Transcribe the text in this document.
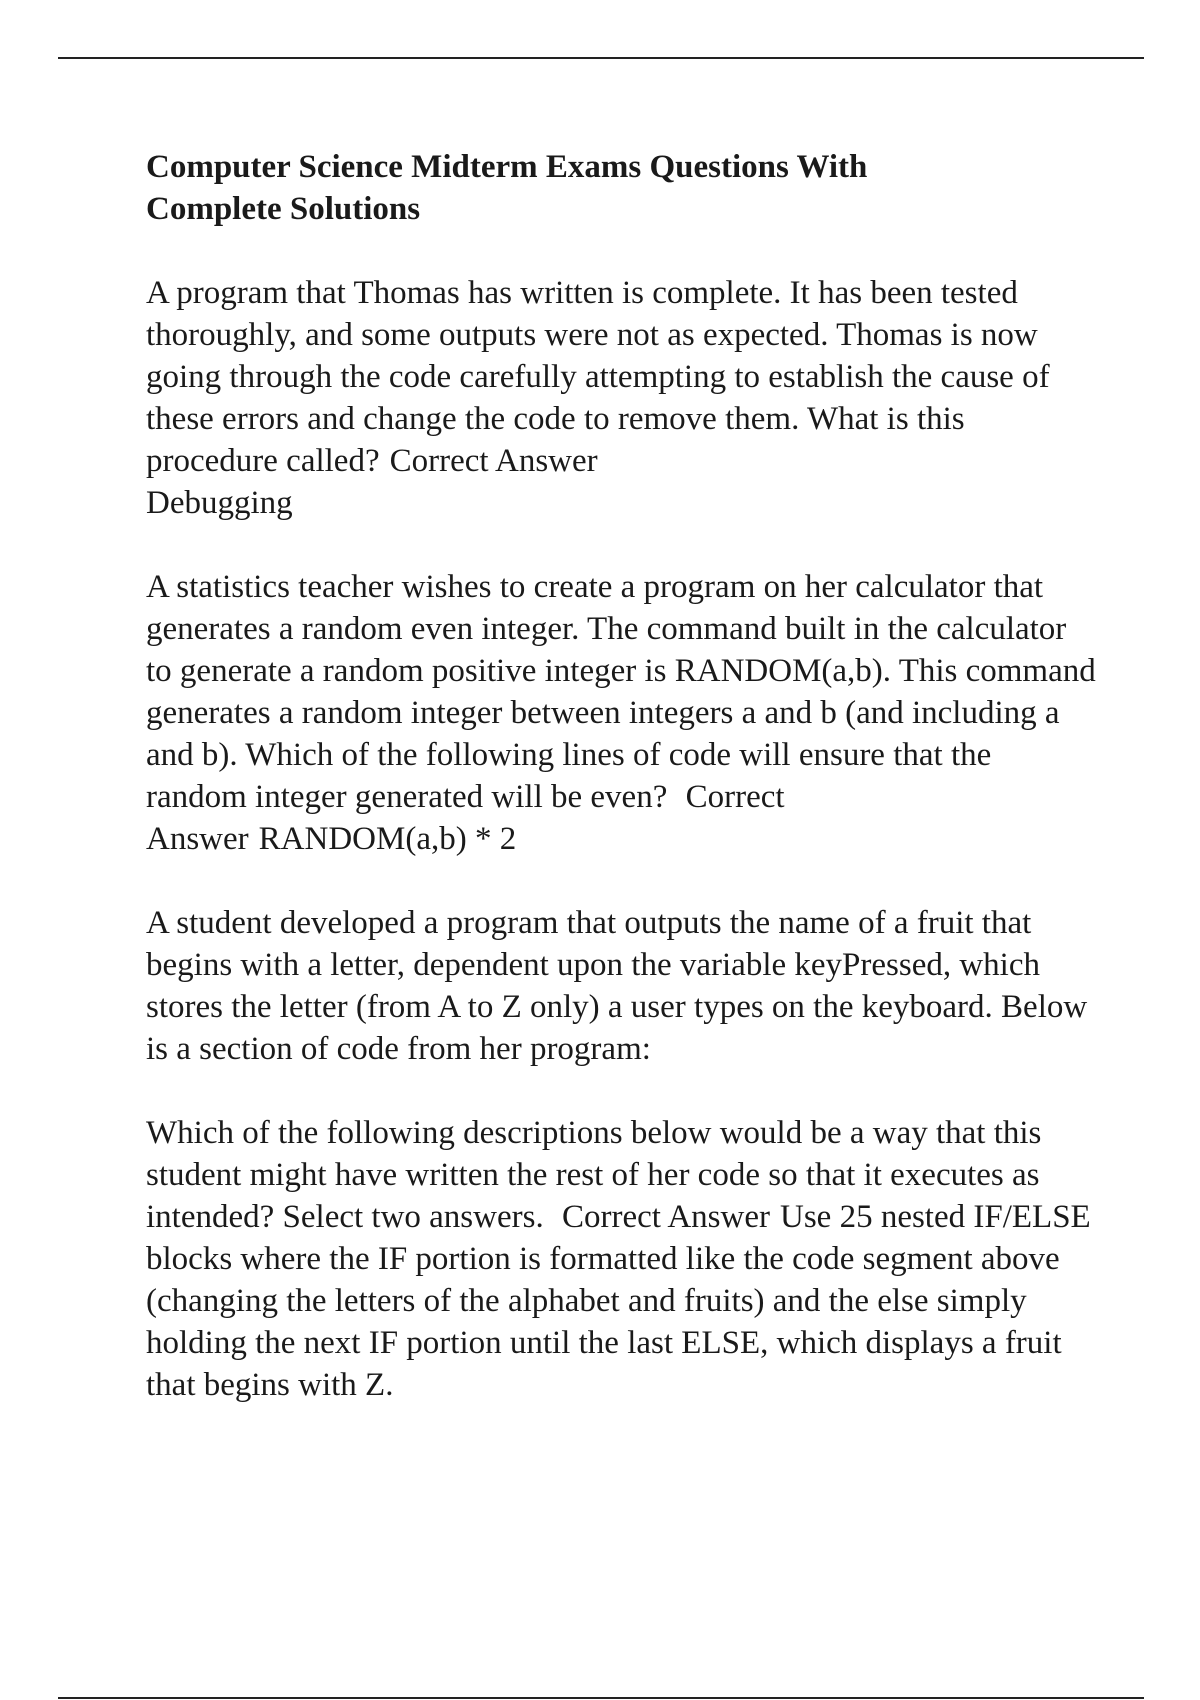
Computer Science Midterm Exams Questions With Complete Solutions

A program that Thomas has written is complete. It has been tested thoroughly, and some outputs were not as expected. Thomas is now going through the code carefully attempting to establish the cause of these errors and change the code to remove them. What is this procedure called? Correct Answer
Debugging

A statistics teacher wishes to create a program on her calculator that generates a random even integer. The command built in the calculator to generate a random positive integer is RANDOM(a,b). This command generates a random integer between integers a and b (and including a and b). Which of the following lines of code will ensure that the random integer generated will be even? Correct Answer RANDOM(a,b) * 2

A student developed a program that outputs the name of a fruit that begins with a letter, dependent upon the variable keyPressed, which stores the letter (from A to Z only) a user types on the keyboard. Below is a section of code from her program:

Which of the following descriptions below would be a way that this student might have written the rest of her code so that it executes as intended? Select two answers. Correct Answer Use 25 nested IF/ELSE blocks where the IF portion is formatted like the code segment above (changing the letters of the alphabet and fruits) and the else simply holding the next IF portion until the last ELSE, which displays a fruit that begins with Z.
